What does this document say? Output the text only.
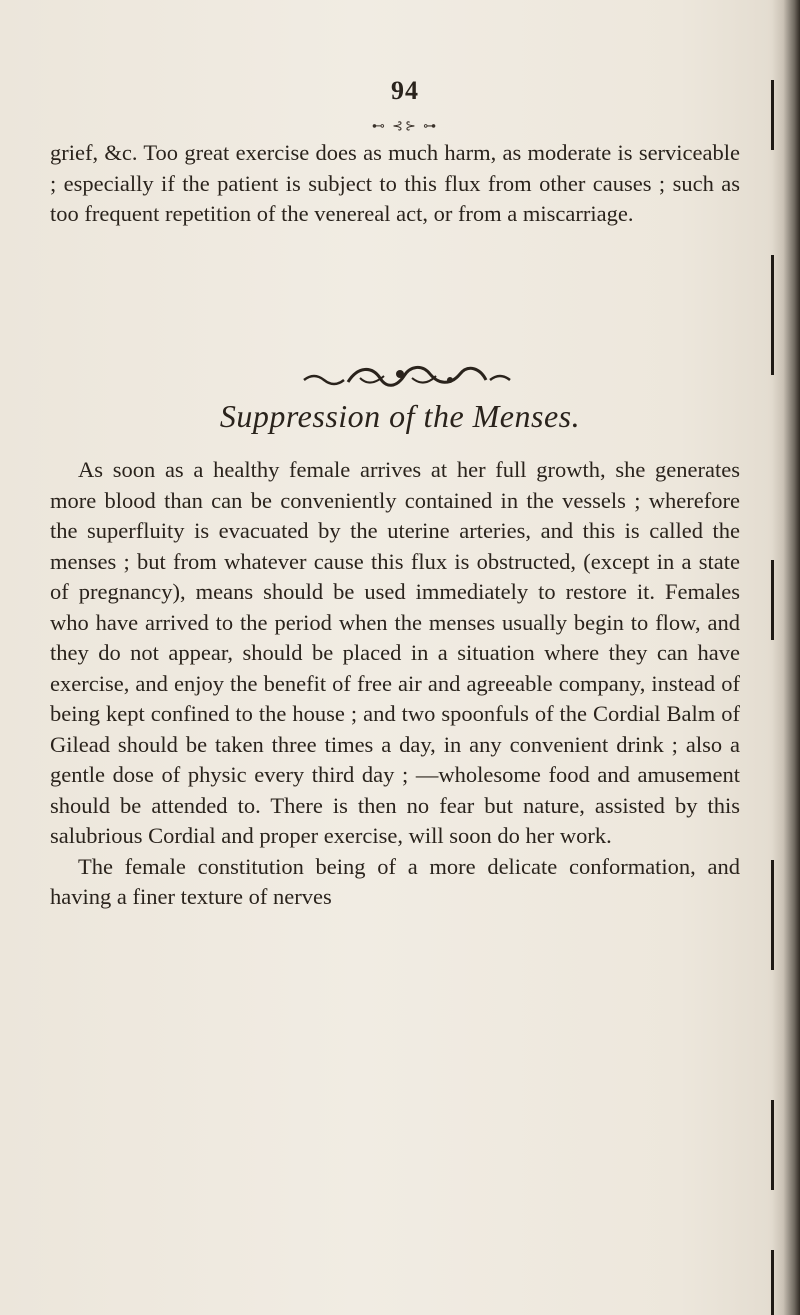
94
⊷ ⊰⊱ ⊶

grief, &c. Too great exercise does as much harm, as moderate is serviceable ; especially if the patient is subject to this flux from other causes ; such as too frequent repetition of the venereal act, or from a miscarriage.

Suppression of the Menses.

As soon as a healthy female arrives at her full growth, she generates more blood than can be conveniently contained in the vessels ; wherefore the superfluity is evacuated by the uterine arteries, and this is called the menses ; but from whatever cause this flux is obstructed, (except in a state of pregnancy), means should be used immediately to restore it. Females who have arrived to the period when the menses usually begin to flow, and they do not appear, should be placed in a situation where they can have exercise, and enjoy the benefit of free air and agreeable company, instead of being kept confined to the house ; and two spoonfuls of the Cordial Balm of Gilead should be taken three times a day, in any convenient drink ; also a gentle dose of physic every third day ; —wholesome food and amusement should be attended to. There is then no fear but nature, assisted by this salubrious Cordial and proper exercise, will soon do her work.

The female constitution being of a more delicate conformation, and having a finer texture of nerves
